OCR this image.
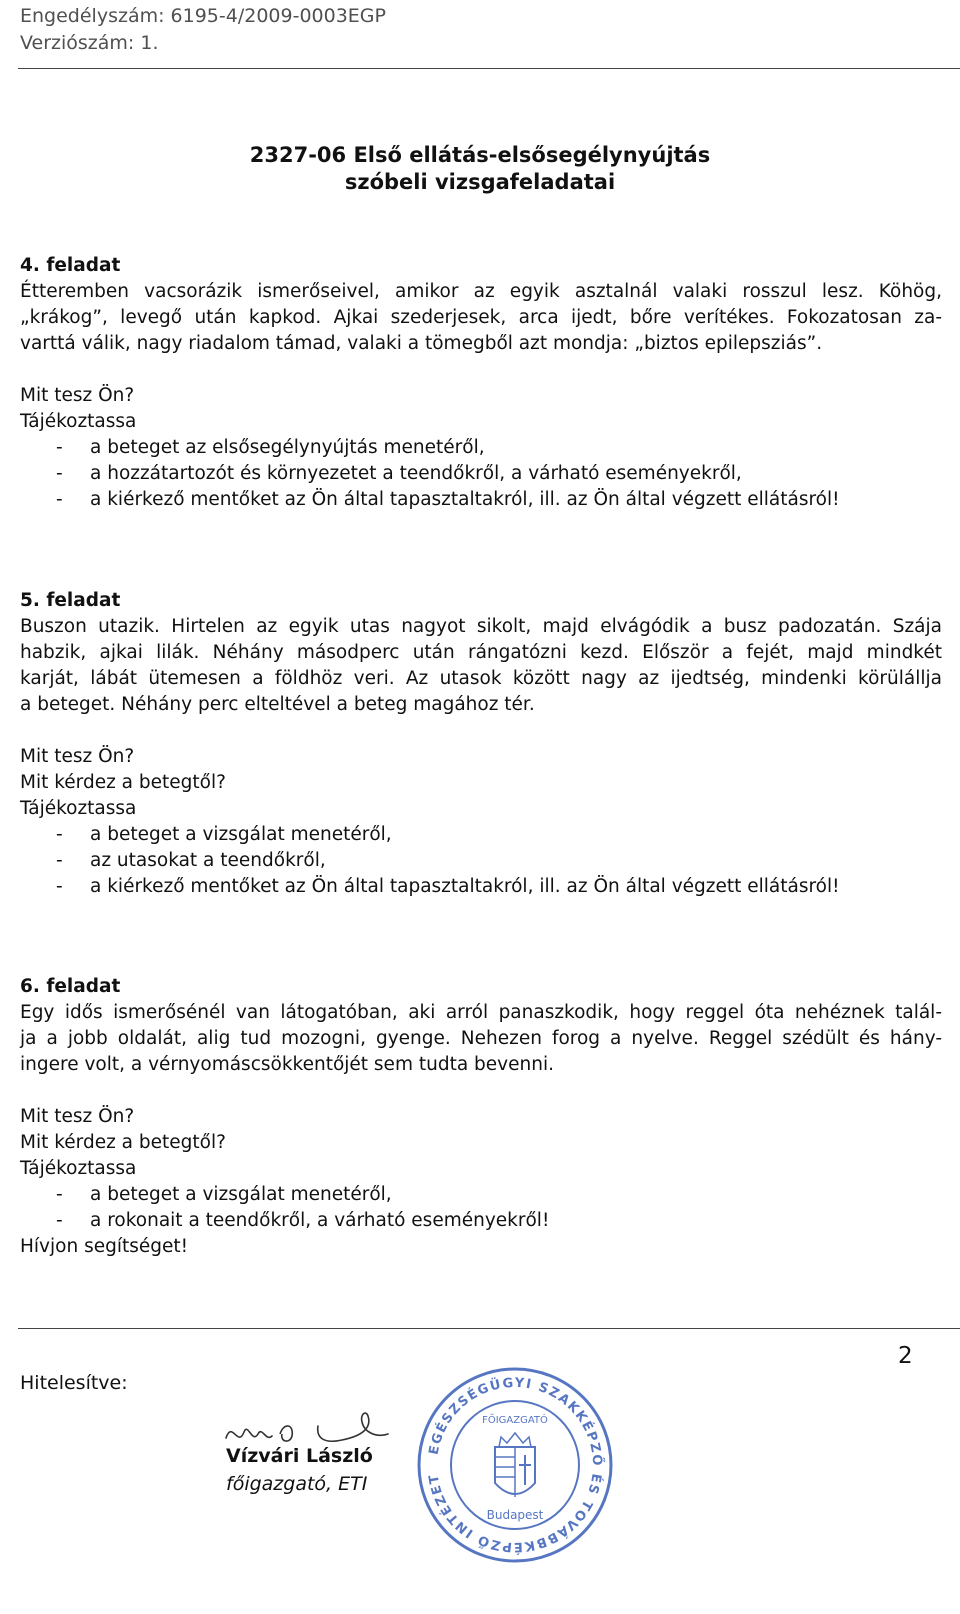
Engedélyszám: 6195-4/2009-0003EGP
Verziószám: 1.
2327-06 Első ellátás-elsősegélynyújtás
szóbeli vizsgafeladatai
4. feladat
Étteremben vacsorázik ismerőseivel, amikor az egyik asztalnál valaki rosszul lesz. Köhög,
„krákog”, levegő után kapkod. Ajkai szederjesek, arca ijedt, bőre verítékes. Fokozatosan za-
varttá válik, nagy riadalom támad, valaki a tömegből azt mondja: „biztos epilepsziás”.
Mit tesz Ön?
Tájékoztassa
- a beteget az elsősegélynyújtás menetéről,
- a hozzátartozót és környezetet a teendőkről, a várható eseményekről,
- a kiérkező mentőket az Ön által tapasztaltakról, ill. az Ön által végzett ellátásról!
5. feladat
Buszon utazik. Hirtelen az egyik utas nagyot sikolt, majd elvágódik a busz padozatán. Szája
habzik, ajkai lilák. Néhány másodperc után rángatózni kezd. Először a fejét, majd mindkét
karját, lábát ütemesen a földhöz veri. Az utasok között nagy az ijedtség, mindenki körülállja
a beteget. Néhány perc elteltével a beteg magához tér.
Mit tesz Ön?
Mit kérdez a betegtől?
Tájékoztassa
- a beteget a vizsgálat menetéről,
- az utasokat a teendőkről,
- a kiérkező mentőket az Ön által tapasztaltakról, ill. az Ön által végzett ellátásról!
6. feladat
Egy idős ismerősénél van látogatóban, aki arról panaszkodik, hogy reggel óta nehéznek talál-
ja a jobb oldalát, alig tud mozogni, gyenge. Nehezen forog a nyelve. Reggel szédült és hány-
ingere volt, a vérnyomáscsökkentőjét sem tudta bevenni.
Mit tesz Ön?
Mit kérdez a betegtől?
Tájékoztassa
- a beteget a vizsgálat menetéről,
- a rokonait a teendőkről, a várható eseményekről!
Hívjon segítséget!
2
Hitelesítve:
Vízvári László
főigazgató, ETI
EGÉSZSÉGÜGYI SZAKKÉPZŐ ÉS TOVÁBBKÉPZŐ INTÉZET
FŐIGAZGATÓ
Budapest
